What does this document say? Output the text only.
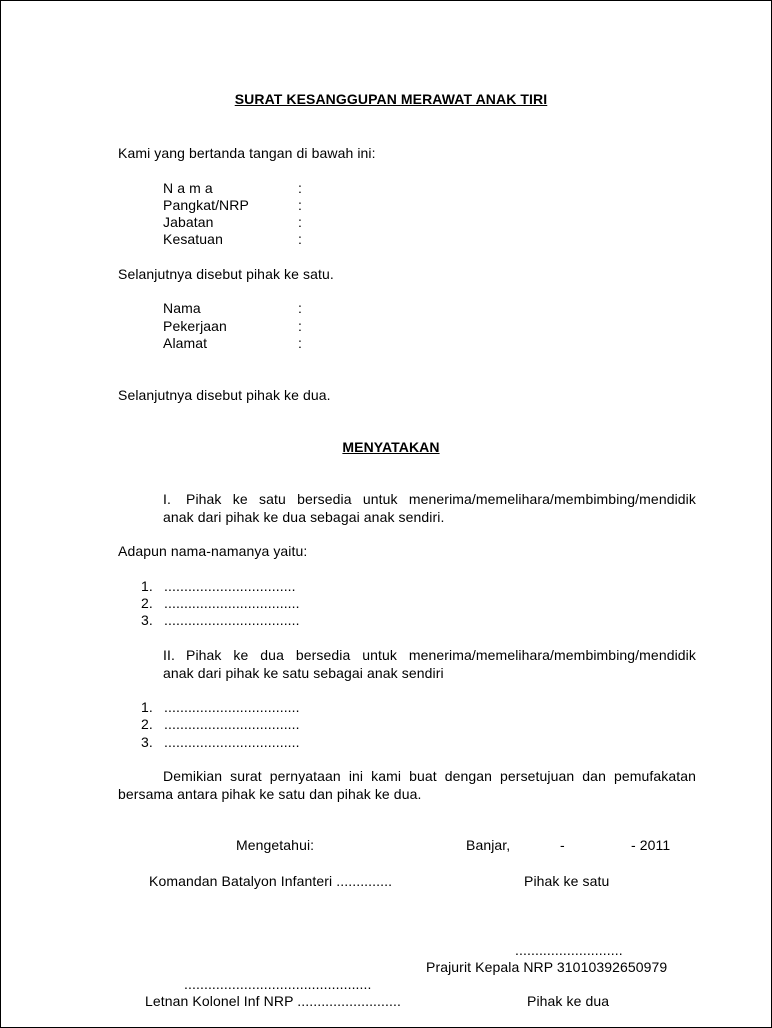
SURAT KESANGGUPAN MERAWAT ANAK TIRI
Kami yang bertanda tangan di bawah ini:
N a m a	:
Pangkat/NRP	:
Jabatan	:
Kesatuan	:
Selanjutnya disebut pihak ke satu.
Nama	:
Pekerjaan	:
Alamat	:
Selanjutnya disebut pihak ke dua.
MENYATAKAN
I. Pihak ke satu bersedia untuk menerima/memelihara/membimbing/mendidik
anak dari pihak ke dua sebagai anak sendiri.
Adapun nama-namanya yaitu:
1. .................................
2. ..................................
3. ..................................
II. Pihak ke dua bersedia untuk menerima/memelihara/membimbing/mendidik
anak dari pihak ke satu sebagai anak sendiri
1. ..................................
2. ..................................
3. ..................................
Demikian surat pernyataan ini kami buat dengan persetujuan dan pemufakatan
bersama antara pihak ke satu dan pihak ke dua.
Mengetahui:	Banjar,	-	- 2011
Komandan Batalyon Infanteri ..............	Pihak ke satu
...........................
Prajurit Kepala NRP 31010392650979
...............................................
Letnan Kolonel Inf NRP ..........................	Pihak ke dua
